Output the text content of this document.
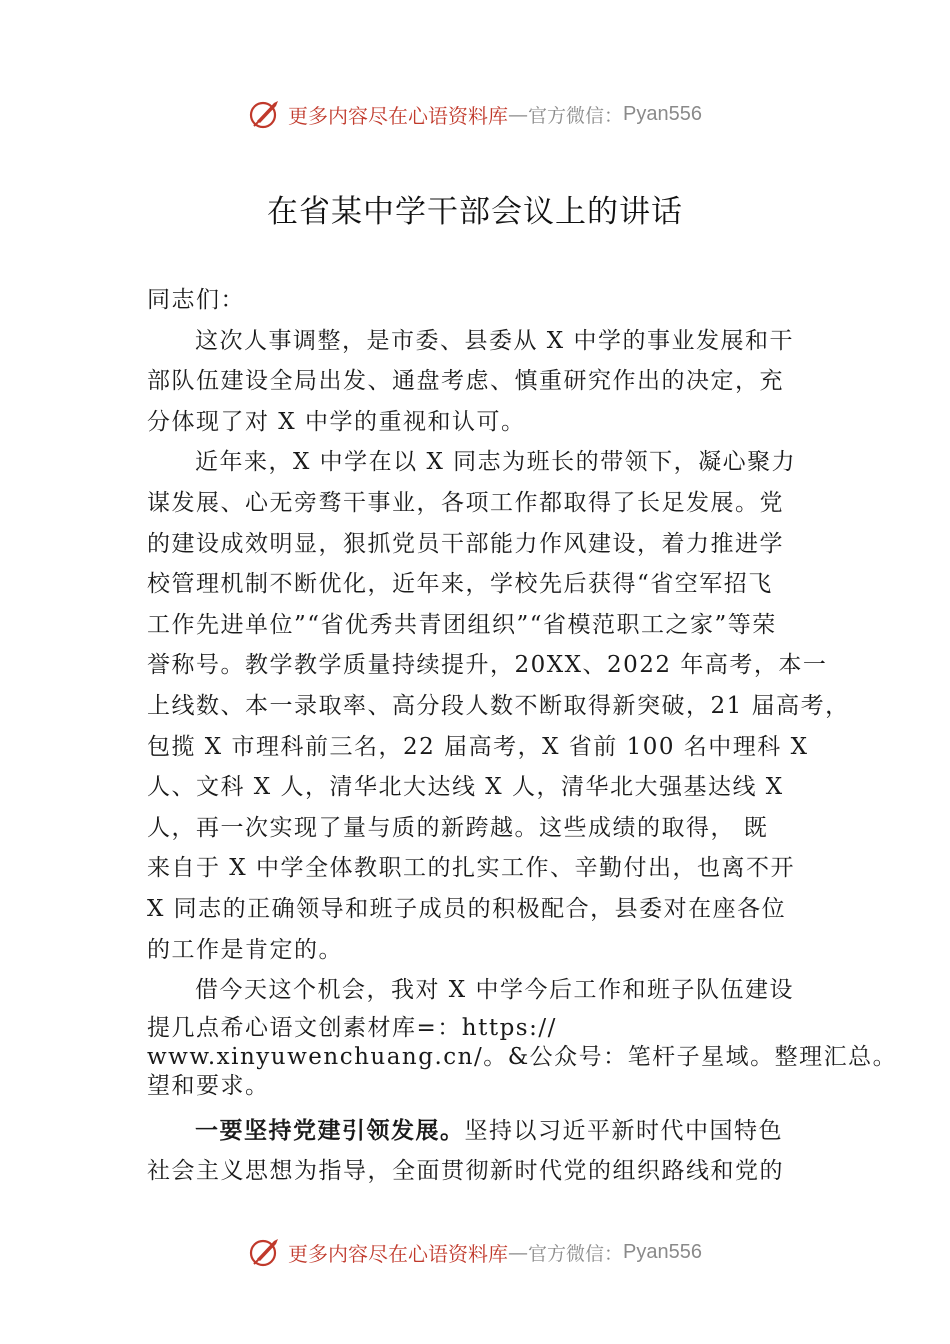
更多内容尽在心语资料库 — 官方微信： Pyan556
在省某中学干部会议上的讲话
同志们：
这次人事调整，是市委、县委从 X 中学的事业发展和干
部队伍建设全局出发、通盘考虑、慎重研究作出的决定，充
分体现了对 X 中学的重视和认可。
近年来，X 中学在以 X 同志为班长的带领下，凝心聚力
谋发展、心无旁骛干事业，各项工作都取得了长足发展。党
的建设成效明显，狠抓党员干部能力作风建设，着力推进学
校管理机制不断优化，近年来，学校先后获得“省空军招飞
工作先进单位”“省优秀共青团组织”“省模范职工之家”等荣
誉称号。教学教学质量持续提升，20XX、2022 年高考，本一
上线数、本一录取率、高分段人数不断取得新突破，21 届高考，
包揽 X 市理科前三名，22 届高考，X 省前 100 名中理科 X
人、文科 X 人，清华北大达线 X 人，清华北大强基达线 X
人，再一次实现了量与质的新跨越。这些成绩的取得， 既
来自于 X 中学全体教职工的扎实工作、辛勤付出，也离不开
X 同志的正确领导和班子成员的积极配合，县委对在座各位
的工作是肯定的。
借今天这个机会，我对 X 中学今后工作和班子队伍建设
提几点希心语文创素材库=：https://
www.xinyuwenchuang.cn/。&公众号：笔杆子星域。整理汇总。
望和要求。
一要坚持党建引领发展。坚持以习近平新时代中国特色
社会主义思想为指导，全面贯彻新时代党的组织路线和党的
更多内容尽在心语资料库 — 官方微信： Pyan556
